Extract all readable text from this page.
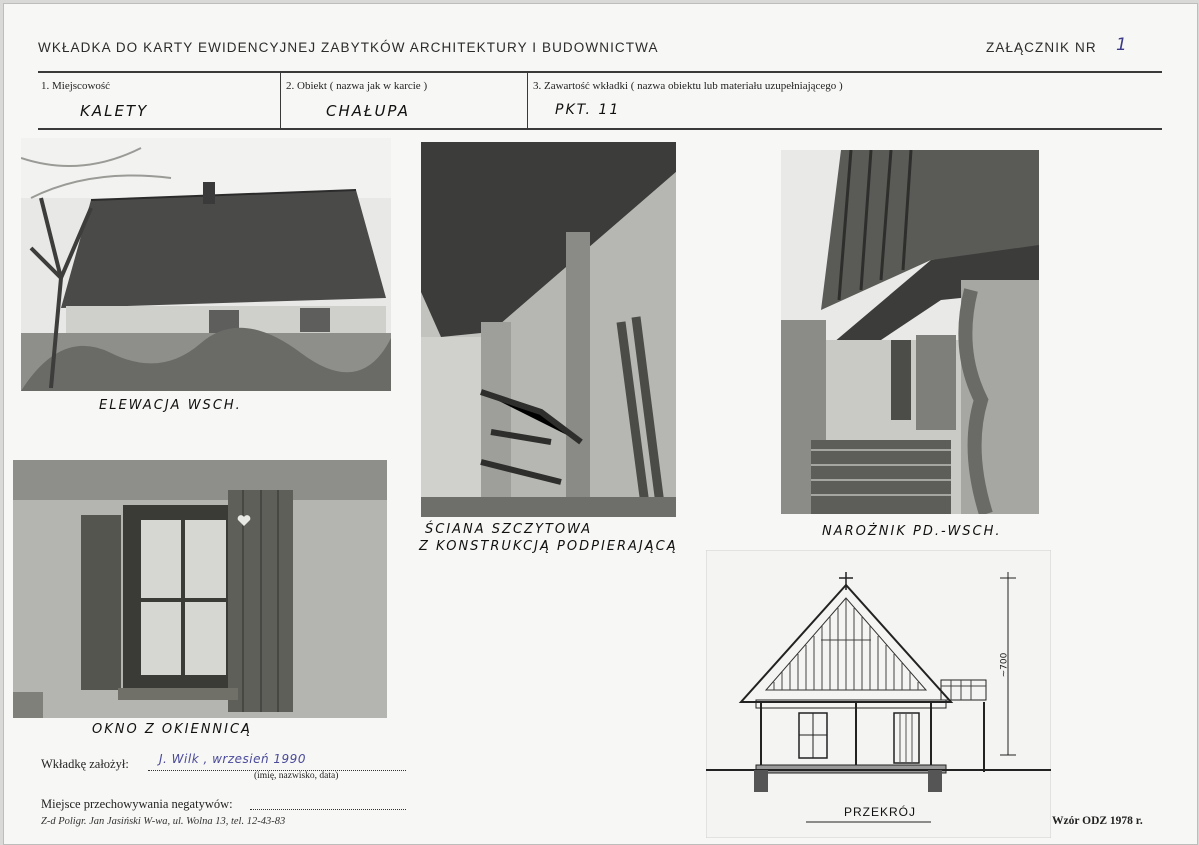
WKŁADKA DO KARTY EWIDENCYJNEJ ZABYTKÓW ARCHITEKTURY I BUDOWNICTWA	ZAŁĄCZNIK NR 1
1. Miejscowość
KALETY
2. Obiekt ( nazwa jak w karcie )
CHAŁUPA
3. Zawartość wkładki ( nazwa obiektu lub materiału uzupełniającego )
PKT. 11
ELEWACJA WSCH.
ŚCIANA SZCZYTOWA
Z KONSTRUKCJĄ PODPIERAJĄCĄ
NAROŻNIK PD.-WSCH.
OKNO Z OKIENNICĄ
~700
PRZEKRÓJ
Wkładkę założył:	J. Wilk , wrzesień 1990
(imię, nazwisko, data)
Miejsce przechowywania negatywów:
Z-d Poligr. Jan Jasiński W-wa, ul. Wolna 13, tel. 12-43-83	Wzór ODZ 1978 r.
